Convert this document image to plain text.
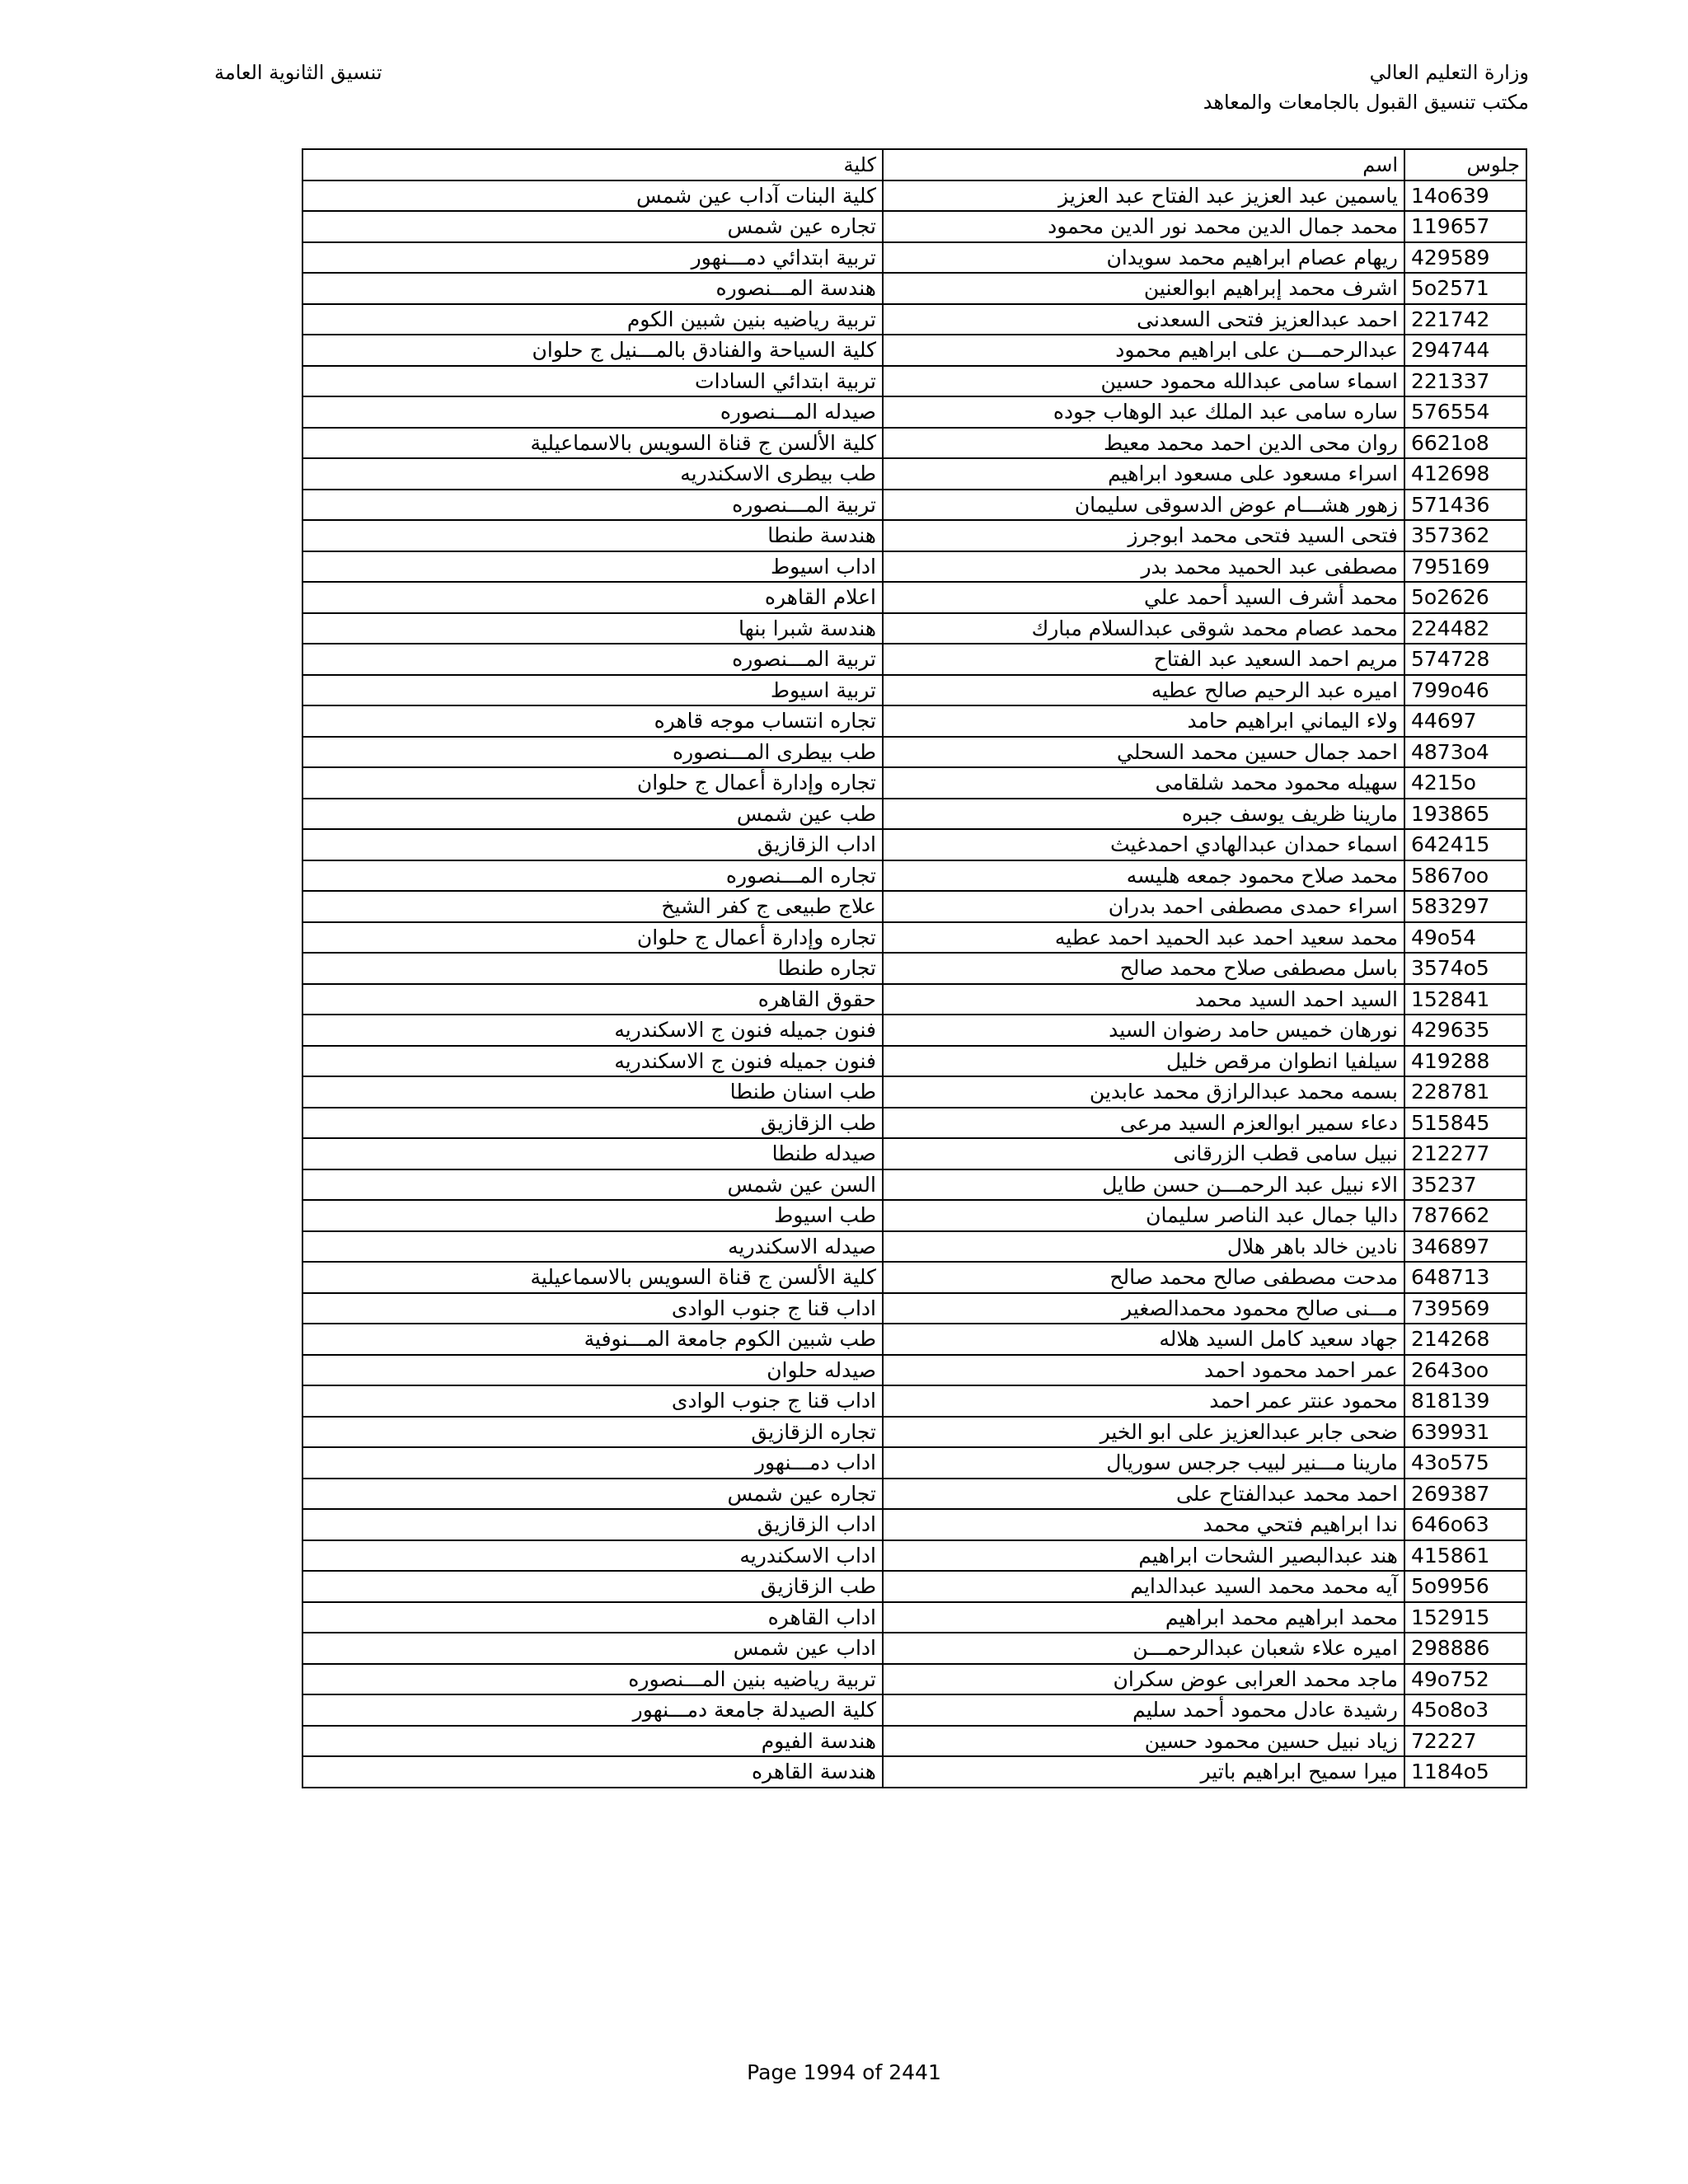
وزارة التعليم العالي
مكتب تنسيق القبول بالجامعات والمعاهد
تنسيق الثانوية العامة
جلوس	اسم	كلية
14o639	ياسمين عبد العزيز عبد الفتاح عبد العزيز	كلية البنات آداب عين شمس
119657	محمد جمال الدين محمد نور الدين محمود	تجاره عين شمس
429589	ريهام عصام ابراهيم محمد سويدان	تربية ابتدائي دمـــنهور
5o2571	اشرف محمد إبراهيم ابوالعنين	هندسة المـــنصوره
221742	احمد عبدالعزيز فتحى السعدنى	تربية رياضيه بنين شبين الكوم
294744	عبدالرحمـــن على ابراهيم محمود	كلية السياحة والفنادق بالمـــنيل ج حلوان
221337	اسماء سامى عبدالله محمود حسين	تربية ابتدائي السادات
576554	ساره سامى عبد الملك عبد الوهاب جوده	صيدله المـــنصوره
6621o8	روان محى الدين احمد محمد معيط	كلية الألسن ج قناة السويس بالاسماعيلية
412698	اسراء مسعود على مسعود ابراهيم	طب بيطرى الاسكندريه
571436	زهور هشـــام عوض الدسوقى سليمان	تربية المـــنصوره
357362	فتحى السيد فتحى محمد ابوجرز	هندسة طنطا
795169	مصطفى عبد الحميد محمد بدر	اداب اسيوط
5o2626	محمد أشرف السيد أحمد علي	اعلام القاهره
224482	محمد عصام محمد شوقى عبدالسلام مبارك	هندسة شبرا بنها
574728	مريم احمد السعيد عبد الفتاح	تربية المـــنصوره
799o46	اميره عبد الرحيم صالح عطيه	تربية اسيوط
44697	ولاء اليماني ابراهيم حامد	تجاره انتساب موجه قاهره
4873o4	احمد جمال حسين محمد السحلي	طب بيطرى المـــنصوره
4215o	سهيله محمود محمد شلقامى	تجاره وإدارة أعمال ج حلوان
193865	مارينا ظريف يوسف جبره	طب عين شمس
642415	اسماء حمدان عبدالهادي احمدغيث	اداب الزقازيق
5867oo	محمد صلاح محمود جمعه هليسه	تجاره المـــنصوره
583297	اسراء حمدى مصطفى احمد بدران	علاج طبيعى ج كفر الشيخ
49o54	محمد سعيد احمد عبد الحميد احمد عطيه	تجاره وإدارة أعمال ج حلوان
3574o5	باسل مصطفى صلاح محمد صالح	تجاره طنطا
152841	السيد احمد السيد محمد	حقوق القاهره
429635	نورهان خميس حامد رضوان السيد	فنون جميله فنون ج الاسكندريه
419288	سيلفيا انطوان مرقص خليل	فنون جميله فنون ج الاسكندريه
228781	بسمه محمد عبدالرازق محمد عابدين	طب اسنان طنطا
515845	دعاء سمير ابوالعزم السيد مرعى	طب الزقازيق
212277	نبيل سامى قطب الزرقانى	صيدله طنطا
35237	الاء نبيل عبد الرحمـــن حسن طايل	السن عين شمس
787662	داليا جمال عبد الناصر سليمان	طب اسيوط
346897	نادين خالد باهر هلال	صيدله الاسكندريه
648713	مدحت مصطفى صالح محمد صالح	كلية الألسن ج قناة السويس بالاسماعيلية
739569	مـــنى صالح محمود محمدالصغير	اداب قنا ج جنوب الوادى
214268	جهاد سعيد كامل السيد هلاله	طب شبين الكوم جامعة المـــنوفية
2643oo	عمر احمد محمود احمد	صيدله حلوان
818139	محمود عنتر عمر احمد	اداب قنا ج جنوب الوادى
639931	ضحى جابر عبدالعزيز على ابو الخير	تجاره الزقازيق
43o575	مارينا مـــنير لبيب جرجس سوريال	اداب دمـــنهور
269387	احمد محمد عبدالفتاح على	تجاره عين شمس
646o63	ندا ابراهيم فتحي محمد	اداب الزقازيق
415861	هند عبدالبصير الشحات ابراهيم	اداب الاسكندريه
5o9956	آيه محمد محمد السيد عبدالدايم	طب الزقازيق
152915	محمد ابراهيم محمد ابراهيم	اداب القاهره
298886	اميره علاء شعبان عبدالرحمـــن	اداب عين شمس
49o752	ماجد محمد العرابى عوض سكران	تربية رياضيه بنين المـــنصوره
45o8o3	رشيدة عادل محمود أحمد سليم	كلية الصيدلة جامعة دمـــنهور
72227	زياد نبيل حسين محمود حسين	هندسة الفيوم
1184o5	ميرا سميح ابراهيم باتير	هندسة القاهره
Page 1994 of 2441
